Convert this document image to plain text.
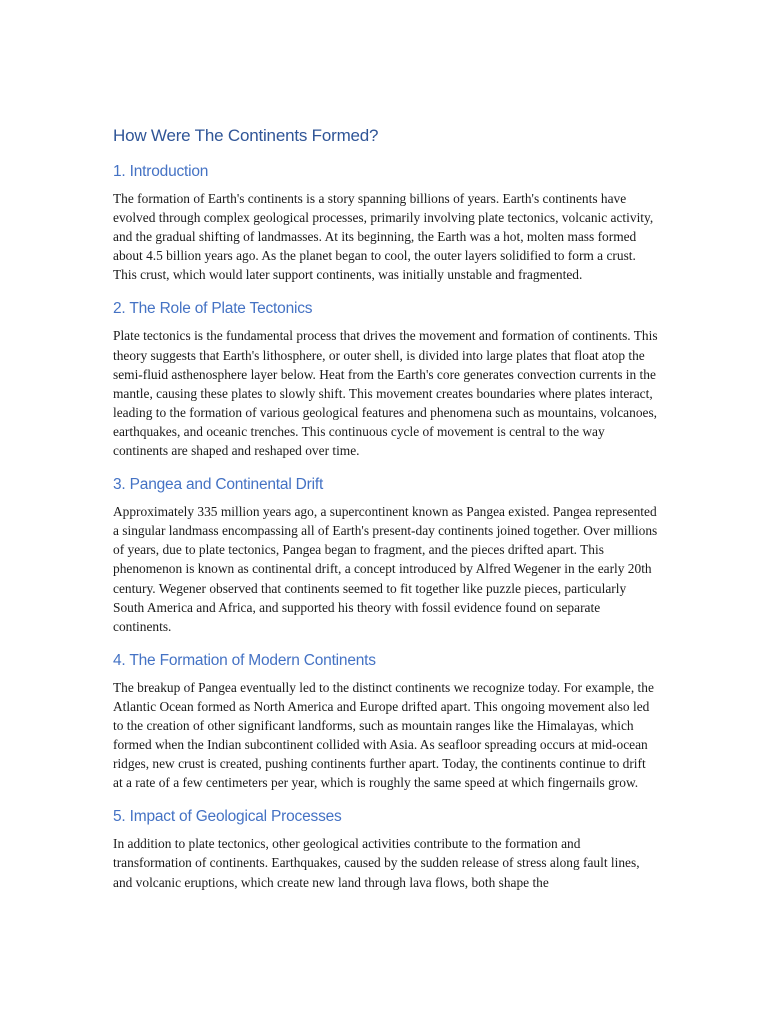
How Were The Continents Formed?
1. Introduction

The formation of Earth's continents is a story spanning billions of years. Earth's continents have evolved through complex geological processes, primarily involving plate tectonics, volcanic activity, and the gradual shifting of landmasses. At its beginning, the Earth was a hot, molten mass formed about 4.5 billion years ago. As the planet began to cool, the outer layers solidified to form a crust. This crust, which would later support continents, was initially unstable and fragmented.

2. The Role of Plate Tectonics

Plate tectonics is the fundamental process that drives the movement and formation of continents. This theory suggests that Earth's lithosphere, or outer shell, is divided into large plates that float atop the semi-fluid asthenosphere layer below. Heat from the Earth's core generates convection currents in the mantle, causing these plates to slowly shift. This movement creates boundaries where plates interact, leading to the formation of various geological features and phenomena such as mountains, volcanoes, earthquakes, and oceanic trenches. This continuous cycle of movement is central to the way continents are shaped and reshaped over time.

3. Pangea and Continental Drift

Approximately 335 million years ago, a supercontinent known as Pangea existed. Pangea represented a singular landmass encompassing all of Earth's present-day continents joined together. Over millions of years, due to plate tectonics, Pangea began to fragment, and the pieces drifted apart. This phenomenon is known as continental drift, a concept introduced by Alfred Wegener in the early 20th century. Wegener observed that continents seemed to fit together like puzzle pieces, particularly South America and Africa, and supported his theory with fossil evidence found on separate continents.

4. The Formation of Modern Continents

The breakup of Pangea eventually led to the distinct continents we recognize today. For example, the Atlantic Ocean formed as North America and Europe drifted apart. This ongoing movement also led to the creation of other significant landforms, such as mountain ranges like the Himalayas, which formed when the Indian subcontinent collided with Asia. As seafloor spreading occurs at mid-ocean ridges, new crust is created, pushing continents further apart. Today, the continents continue to drift at a rate of a few centimeters per year, which is roughly the same speed at which fingernails grow.

5. Impact of Geological Processes

In addition to plate tectonics, other geological activities contribute to the formation and transformation of continents. Earthquakes, caused by the sudden release of stress along fault lines, and volcanic eruptions, which create new land through lava flows, both shape the
